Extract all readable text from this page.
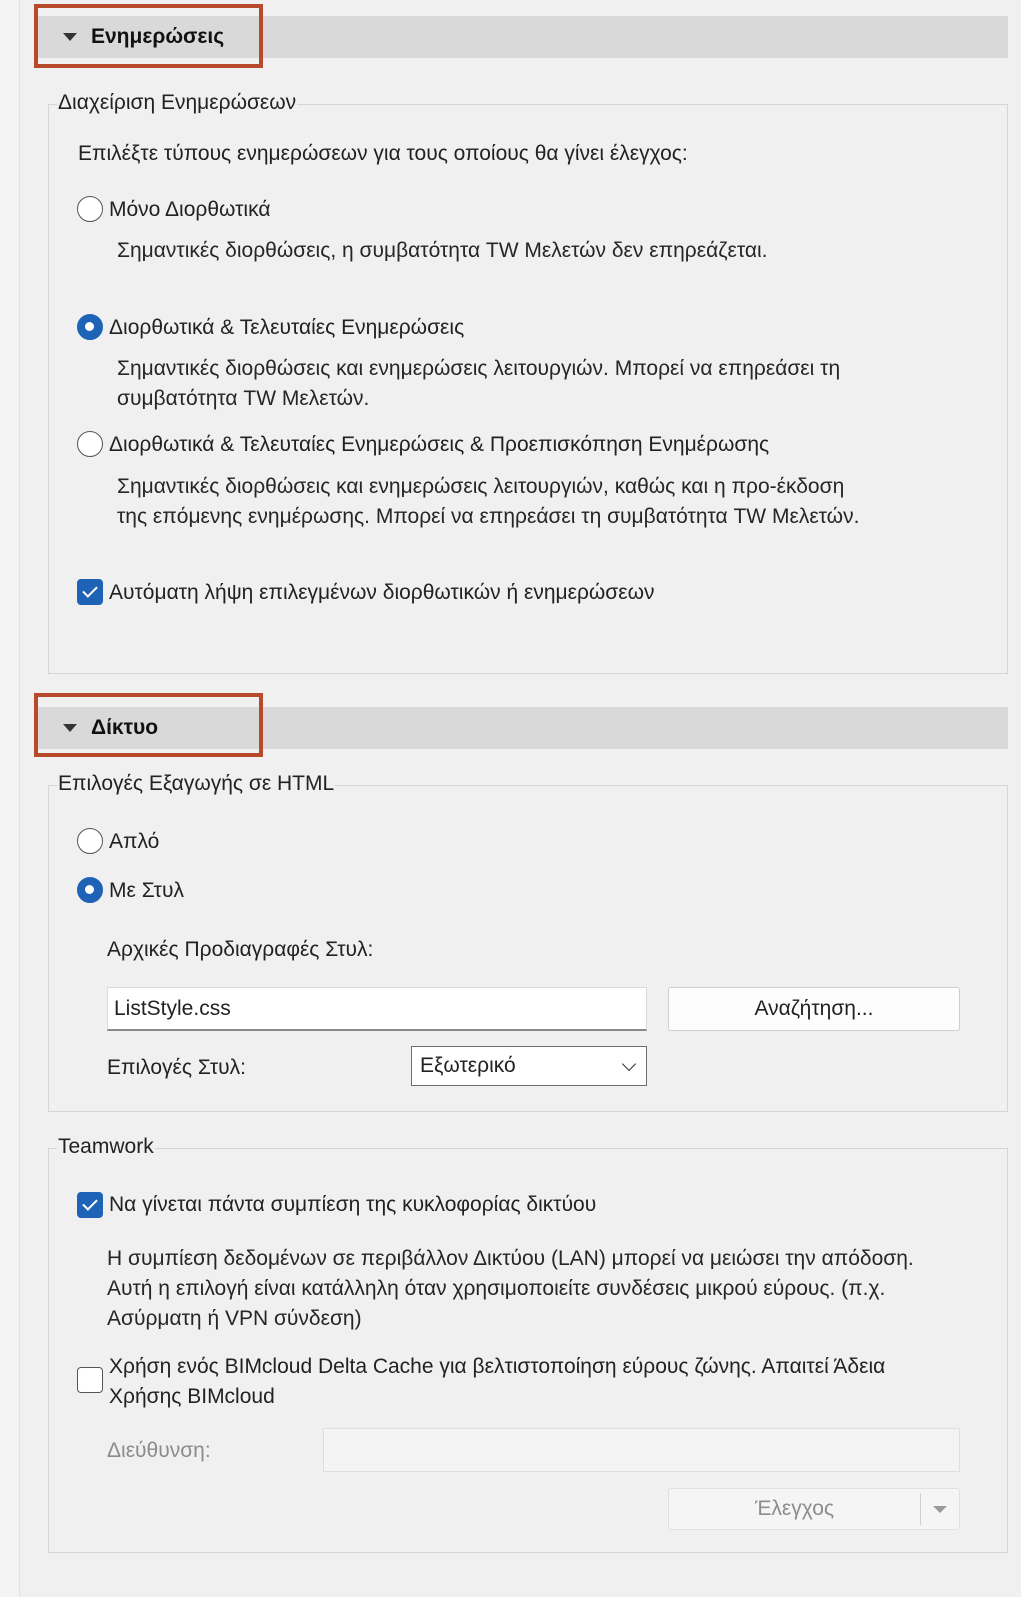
Ενημερώσεις
Διαχείριση Ενημερώσεων
Επιλέξτε τύπους ενημερώσεων για τους οποίους θα γίνει έλεγχος:
Μόνο Διορθωτικά
Σημαντικές διορθώσεις, η συμβατότητα TW Μελετών δεν επηρεάζεται.
Διορθωτικά & Τελευταίες Ενημερώσεις
Σημαντικές διορθώσεις και ενημερώσεις λειτουργιών. Μπορεί να επηρεάσει τη
συμβατότητα TW Μελετών.
Διορθωτικά & Τελευταίες Ενημερώσεις & Προεπισκόπηση Ενημέρωσης
Σημαντικές διορθώσεις και ενημερώσεις λειτουργιών, καθώς και η προ-έκδοση
της επόμενης ενημέρωσης. Μπορεί να επηρεάσει τη συμβατότητα TW Μελετών.
Αυτόματη λήψη επιλεγμένων διορθωτικών ή ενημερώσεων
Δίκτυο
Επιλογές Εξαγωγής σε HTML
Απλό
Με Στυλ
Αρχικές Προδιαγραφές Στυλ:
ListStyle.css	Αναζήτηση...
Επιλογές Στυλ:	Εξωτερικό
Teamwork
Να γίνεται πάντα συμπίεση της κυκλοφορίας δικτύου
Η συμπίεση δεδομένων σε περιβάλλον Δικτύου (LAN) μπορεί να μειώσει την απόδοση.
Αυτή η επιλογή είναι κατάλληλη όταν χρησιμοποιείτε συνδέσεις μικρού εύρους. (π.χ.
Ασύρματη ή VPN σύνδεση)
Χρήση ενός BIMcloud Delta Cache για βελτιστοποίηση εύρους ζώνης. Απαιτεί Άδεια
Χρήσης BIMcloud
Διεύθυνση:
Έλεγχος
